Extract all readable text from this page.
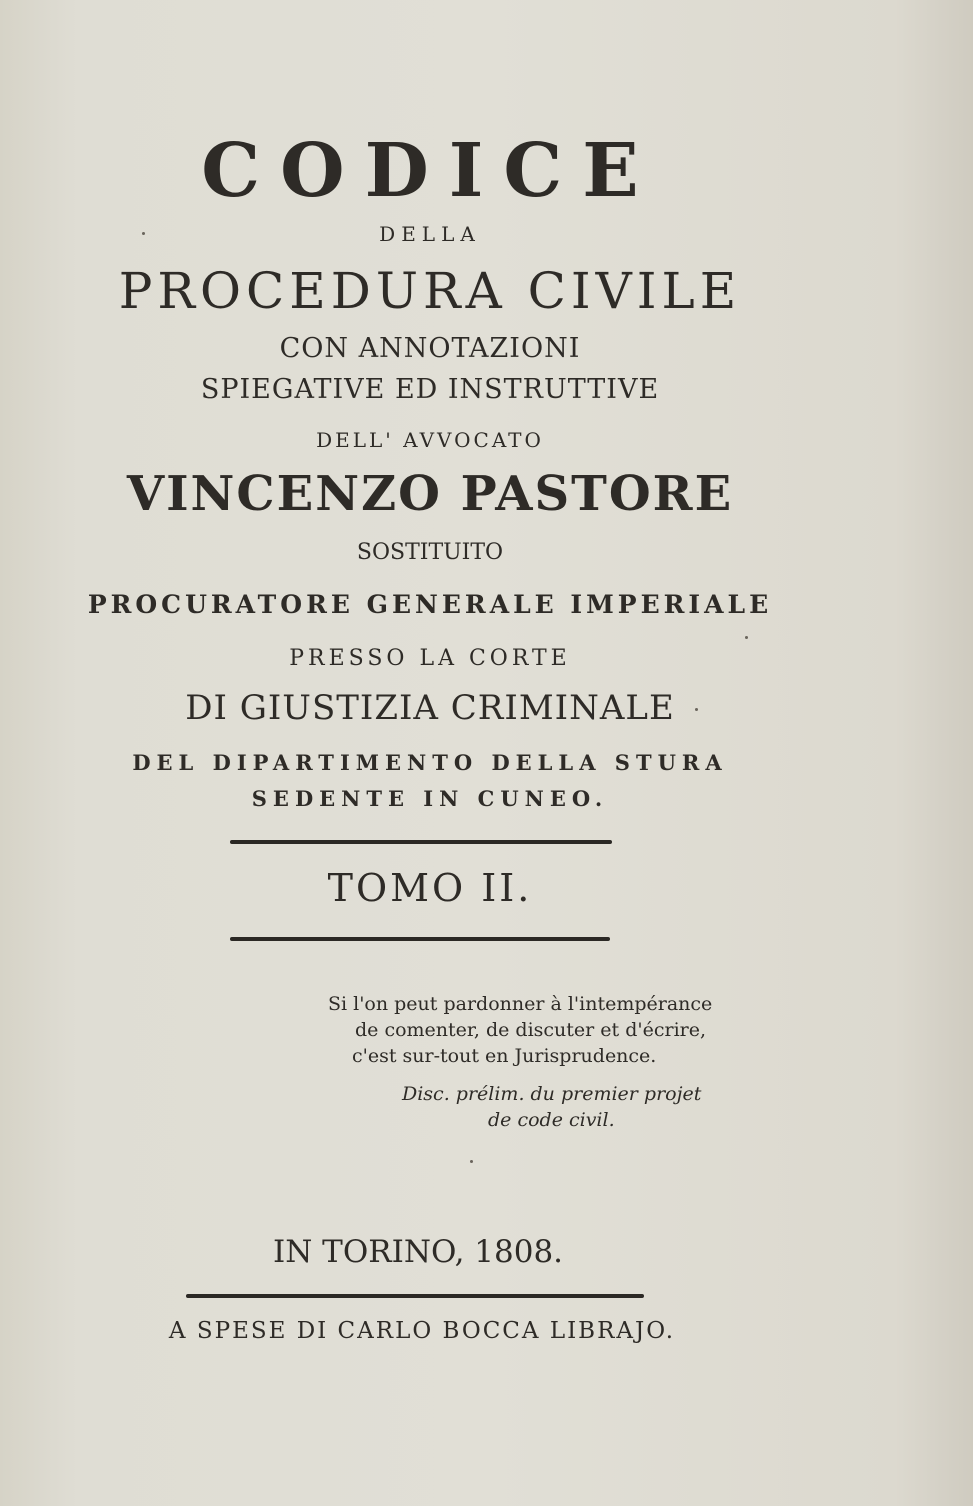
CODICE
DELLA
PROCEDURA CIVILE
CON ANNOTAZIONI
SPIEGATIVE ED INSTRUTTIVE
DELL' AVVOCATO
VINCENZO PASTORE
SOSTITUITO
PROCURATORE GENERALE IMPERIALE
PRESSO LA CORTE
DI GIUSTIZIA CRIMINALE
DEL DIPARTIMENTO DELLA STURA
SEDENTE IN CUNEO.
TOMO II.
Si l'on peut pardonner à l'intempérance
de comenter, de discuter et d'écrire,
c'est sur-tout en Jurisprudence.
Disc. prélim. du premier projet
de code civil.
IN TORINO, 1808.
A SPESE DI CARLO BOCCA LIBRAJO.
